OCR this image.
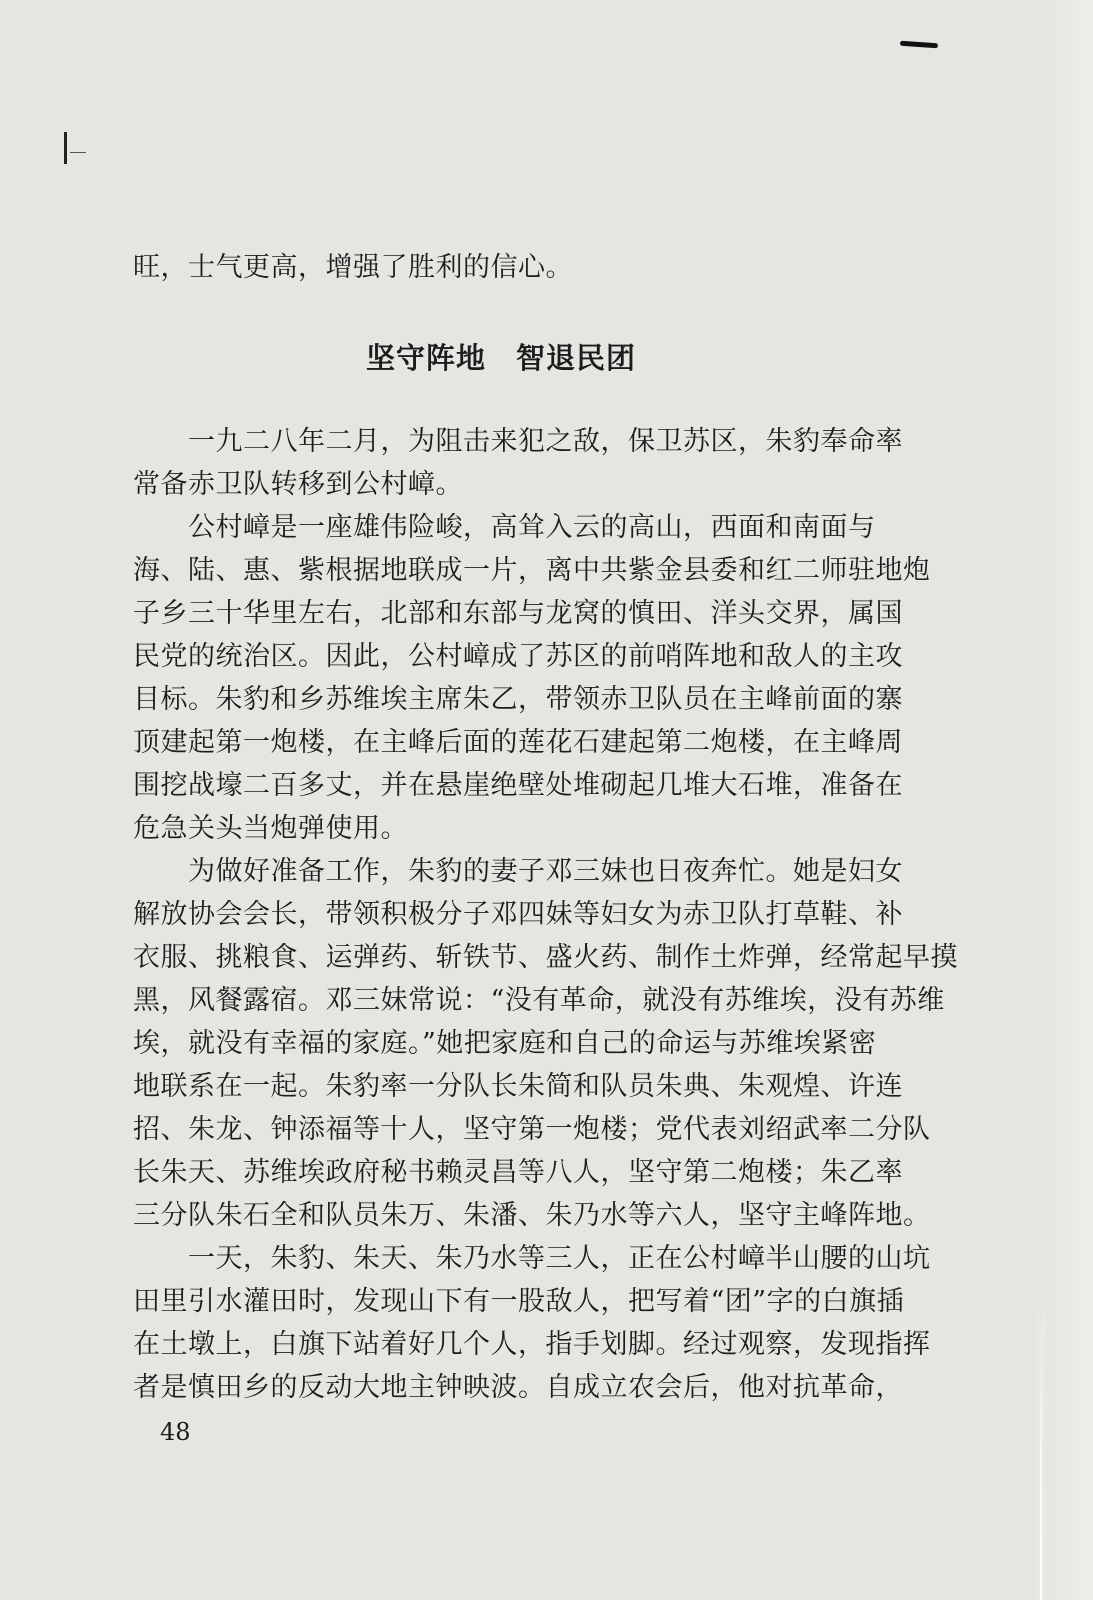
旺，士气更高，增强了胜利的信心。
坚守阵地　智退民团
　　一九二八年二月，为阻击来犯之敌，保卫苏区，朱豹奉命率
常备赤卫队转移到公村嶂。
　　公村嶂是一座雄伟险峻，高耸入云的高山，西面和南面与
海、陆、惠、紫根据地联成一片，离中共紫金县委和红二师驻地炮
子乡三十华里左右，北部和东部与龙窝的慎田、洋头交界，属国
民党的统治区。因此，公村嶂成了苏区的前哨阵地和敌人的主攻
目标。朱豹和乡苏维埃主席朱乙，带领赤卫队员在主峰前面的寨
顶建起第一炮楼，在主峰后面的莲花石建起第二炮楼，在主峰周
围挖战壕二百多丈，并在悬崖绝壁处堆砌起几堆大石堆，准备在
危急关头当炮弹使用。
　　为做好准备工作，朱豹的妻子邓三妹也日夜奔忙。她是妇女
解放协会会长，带领积极分子邓四妹等妇女为赤卫队打草鞋、补
衣服、挑粮食、运弹药、斩铁节、盛火药、制作土炸弹，经常起早摸
黑，风餐露宿。邓三妹常说：“没有革命，就没有苏维埃，没有苏维
埃，就没有幸福的家庭。”她把家庭和自己的命运与苏维埃紧密
地联系在一起。朱豹率一分队长朱简和队员朱典、朱观煌、许连
招、朱龙、钟添福等十人，坚守第一炮楼；党代表刘绍武率二分队
长朱天、苏维埃政府秘书赖灵昌等八人，坚守第二炮楼；朱乙率
三分队朱石全和队员朱万、朱潘、朱乃水等六人，坚守主峰阵地。
　　一天，朱豹、朱天、朱乃水等三人，正在公村嶂半山腰的山坑
田里引水灌田时，发现山下有一股敌人，把写着“团”字的白旗插
在土墩上，白旗下站着好几个人，指手划脚。经过观察，发现指挥
者是慎田乡的反动大地主钟映波。自成立农会后，他对抗革命，
48
